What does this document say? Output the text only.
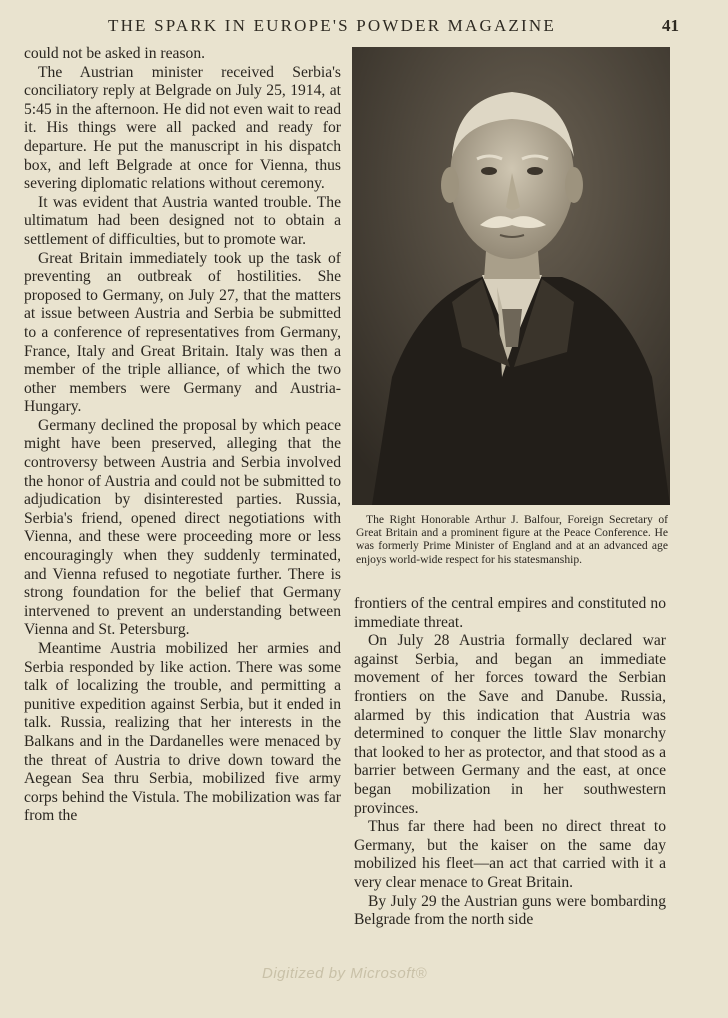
THE SPARK IN EUROPE'S POWDER MAGAZINE	41

could not be asked in reason.

The Austrian minister received Serbia's conciliatory reply at Belgrade on July 25, 1914, at 5:45 in the afternoon. He did not even wait to read it. His things were all packed and ready for departure. He put the manuscript in his dispatch box, and left Belgrade at once for Vienna, thus severing diplomatic relations without ceremony.

It was evident that Austria wanted trouble. The ultimatum had been designed not to obtain a settlement of difficulties, but to promote war.

Great Britain immediately took up the task of preventing an outbreak of hostilities. She proposed to Germany, on July 27, that the matters at issue between Austria and Serbia be submitted to a conference of representatives from Germany, France, Italy and Great Britain. Italy was then a member of the triple alliance, of which the two other members were Germany and Austria-Hungary.

Germany declined the proposal by which peace might have been preserved, alleging that the controversy between Austria and Serbia involved the honor of Austria and could not be submitted to adjudication by disinterested parties. Russia, Serbia's friend, opened direct negotiations with Vienna, and these were proceeding more or less encouragingly when they suddenly terminated, and Vienna refused to negotiate further. There is strong foundation for the belief that Germany intervened to prevent an understanding between Vienna and St. Petersburg.

Meantime Austria mobilized her armies and Serbia responded by like action. There was some talk of localizing the trouble, and permitting a punitive expedition against Serbia, but it ended in talk. Russia, realizing that her interests in the Balkans and in the Dardanelles were menaced by the threat of Austria to drive down toward the Aegean Sea thru Serbia, mobilized five army corps behind the Vistula. The mobilization was far from the

The Right Honorable Arthur J. Balfour, Foreign Secretary of Great Britain and a prominent figure at the Peace Conference. He was formerly Prime Minister of England and at an advanced age enjoys world-wide respect for his statesmanship.

frontiers of the central empires and constituted no immediate threat.

On July 28 Austria formally declared war against Serbia, and began an immediate movement of her forces toward the Serbian frontiers on the Save and Danube. Russia, alarmed by this indication that Austria was determined to conquer the little Slav monarchy that looked to her as protector, and that stood as a barrier between Germany and the east, at once began mobilization in her southwestern provinces.

Thus far there had been no direct threat to Germany, but the kaiser on the same day mobilized his fleet—an act that carried with it a very clear menace to Great Britain.

By July 29 the Austrian guns were bombarding Belgrade from the north side

Digitized by Microsoft®
